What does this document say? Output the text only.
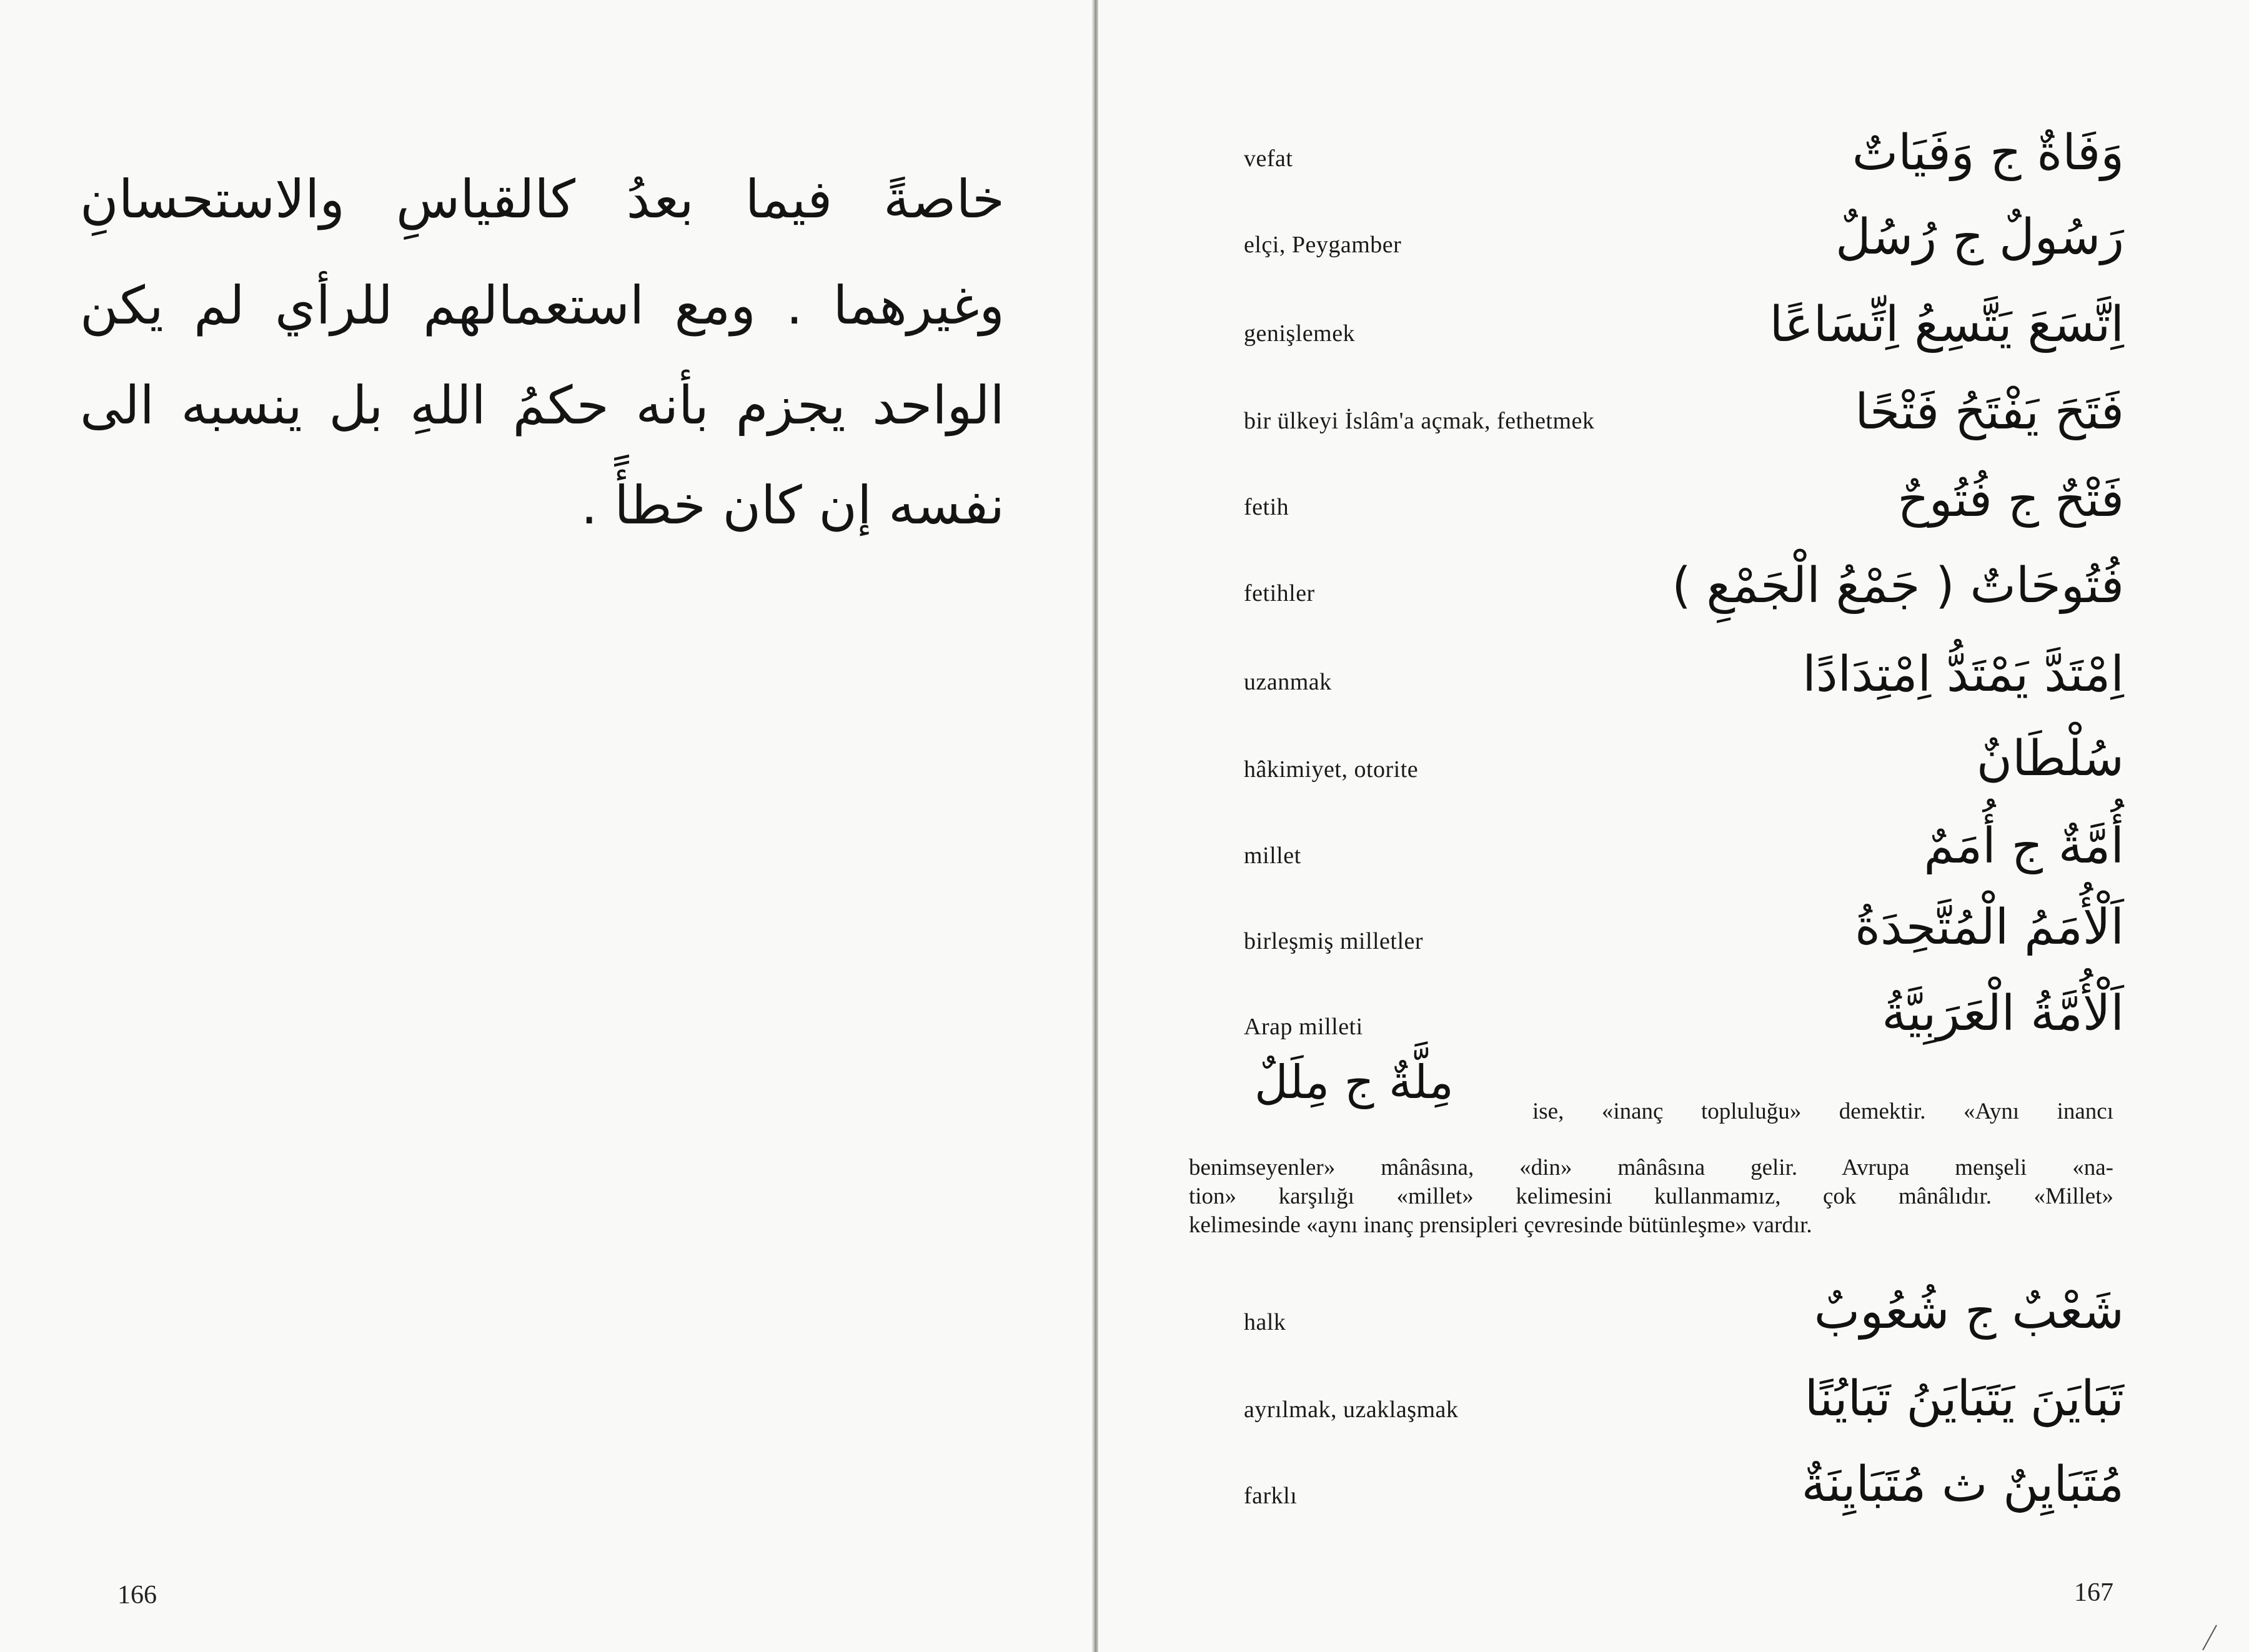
خاصةً فيما بعدُ كالقياسِ والاستحسانِ
وغيرهما . ومع استعمالهم للرأي لم يكن
الواحد يجزم بأنه حكمُ اللهِ بل ينسبه الى
نفسه إن كان خطأً .
166
vefat	وَفَاةٌ ج وَفَيَاتٌ
elçi, Peygamber	رَسُولٌ ج رُسُلٌ
genişlemek	اِتَّسَعَ يَتَّسِعُ اِتِّسَاعًا
bir ülkeyi İslâm'a açmak, fethetmek	فَتَحَ يَفْتَحُ فَتْحًا
fetih	فَتْحٌ ج فُتُوحٌ
fetihler	فُتُوحَاتٌ ( جَمْعُ الْجَمْعِ )
uzanmak	اِمْتَدَّ يَمْتَدُّ اِمْتِدَادًا
hâkimiyet, otorite	سُلْطَانٌ
millet	أُمَّةٌ ج أُمَمٌ
birleşmiş milletler	اَلْأُمَمُ الْمُتَّحِدَةُ
Arap milleti	اَلْأُمَّةُ الْعَرَبِيَّةُ
مِلَّةٌ ج مِلَلٌ
ise, «inanç topluluğu» demektir. «Aynı inancı
benimseyenler» mânâsına, «din» mânâsına gelir. Avrupa menşeli «na-
tion» karşılığı «millet» kelimesini kullanmamız, çok mânâlıdır. «Millet»
kelimesinde «aynı inanç prensipleri çevresinde bütünleşme» vardır.
halk	شَعْبٌ ج شُعُوبٌ
ayrılmak, uzaklaşmak	تَبَايَنَ يَتَبَايَنُ تَبَايُنًا
farklı	مُتَبَايِنٌ ث مُتَبَايِنَةٌ
167
